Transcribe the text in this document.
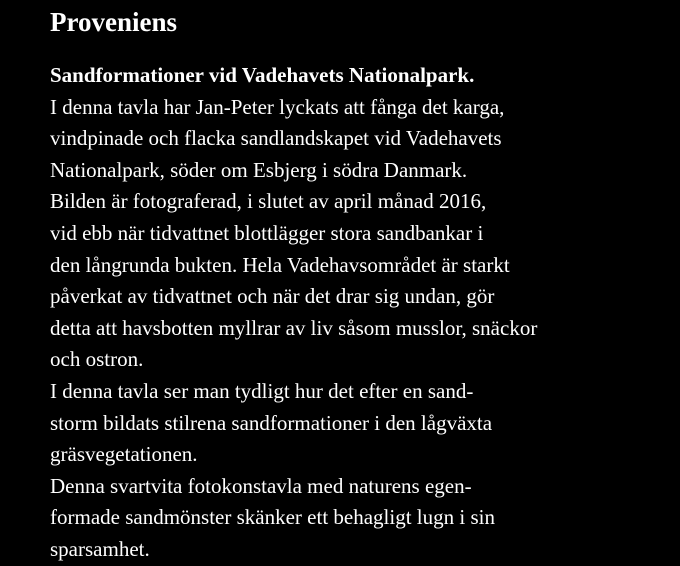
Proveniens
Sandformationer vid Vadehavets Nationalpark.
I denna tavla har Jan-Peter lyckats att fånga det karga,
vindpinade och flacka sandlandskapet vid Vadehavets
Nationalpark, söder om Esbjerg i södra Danmark.
Bilden är fotograferad, i slutet av april månad 2016,
vid ebb när tidvattnet blottlägger stora sandbankar i
den långrunda bukten. Hela Vadehavsområdet är starkt
påverkat av tidvattnet och när det drar sig undan, gör
detta att havsbotten myllrar av liv såsom musslor, snäckor
och ostron.
I denna tavla ser man tydligt hur det efter en sand-
storm bildats stilrena sandformationer i den lågväxta
gräsvegetationen.
Denna svartvita fotokonstavla med naturens egen-
formade sandmönster skänker ett behagligt lugn i sin
sparsamhet.
